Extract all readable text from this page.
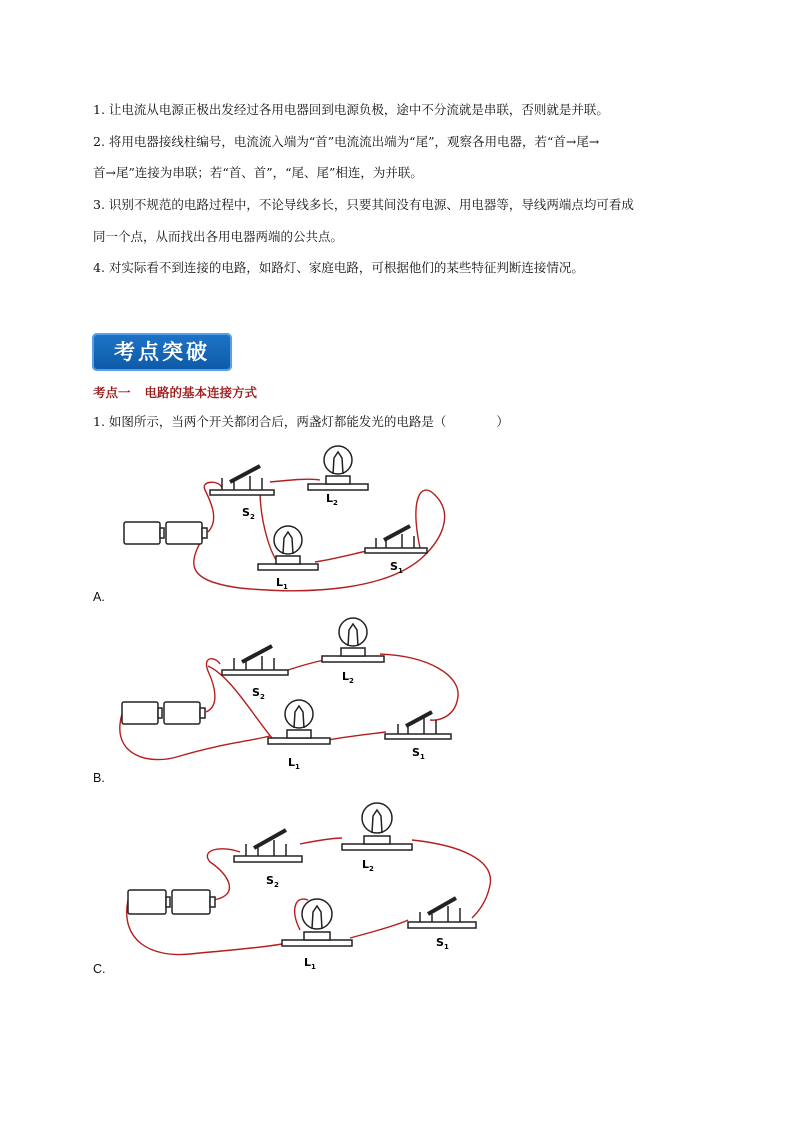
1. 让电流从电源正极出发经过各用电器回到电源负极，途中不分流就是串联，否则就是并联。
2. 将用电器接线柱编号，电流流入端为“首”电流流出端为“尾”，观察各用电器，若“首→尾→
首→尾”连接为串联；若“首、首”，“尾、尾”相连，为并联。
3. 识别不规范的电路过程中，不论导线多长，只要其间没有电源、用电器等，导线两端点均可看成
同一个点，从而找出各用电器两端的公共点。
4. 对实际看不到连接的电路，如路灯、家庭电路，可根据他们的某些特征判断连接情况。
考点突破
考点一 电路的基本连接方式
1. 如图所示，当两个开关都闭合后，两盏灯都能发光的电路是（　　　　）
$S_2$
$L_2$
$L_1$
$S_1$
A.
$S_2$
$L_2$
$L_1$
$S_1$
B.
$S_2$
$L_2$
$L_1$
$S_1$
C.
